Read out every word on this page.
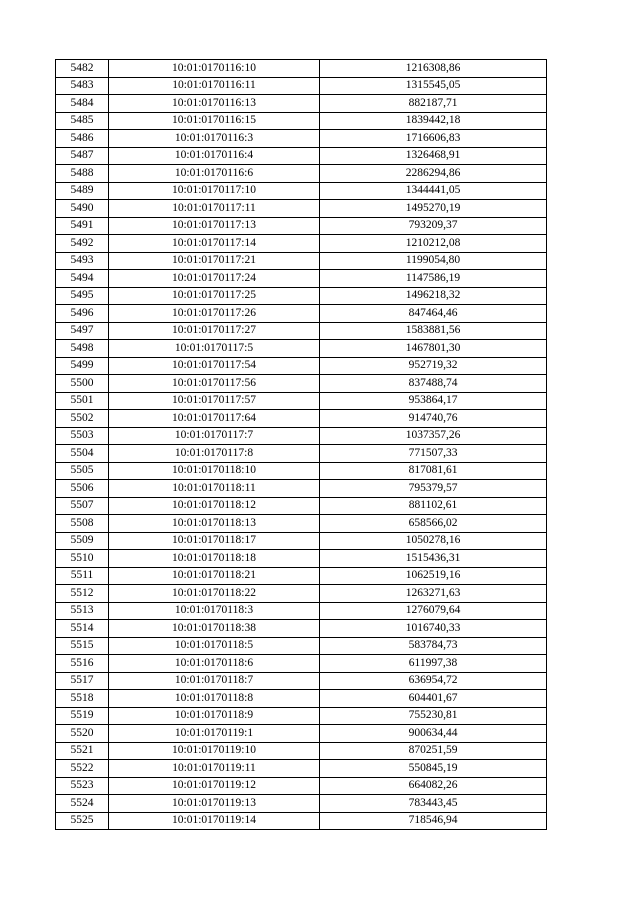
5482	10:01:0170116:10	1216308,86
5483	10:01:0170116:11	1315545,05
5484	10:01:0170116:13	882187,71
5485	10:01:0170116:15	1839442,18
5486	10:01:0170116:3	1716606,83
5487	10:01:0170116:4	1326468,91
5488	10:01:0170116:6	2286294,86
5489	10:01:0170117:10	1344441,05
5490	10:01:0170117:11	1495270,19
5491	10:01:0170117:13	793209,37
5492	10:01:0170117:14	1210212,08
5493	10:01:0170117:21	1199054,80
5494	10:01:0170117:24	1147586,19
5495	10:01:0170117:25	1496218,32
5496	10:01:0170117:26	847464,46
5497	10:01:0170117:27	1583881,56
5498	10:01:0170117:5	1467801,30
5499	10:01:0170117:54	952719,32
5500	10:01:0170117:56	837488,74
5501	10:01:0170117:57	953864,17
5502	10:01:0170117:64	914740,76
5503	10:01:0170117:7	1037357,26
5504	10:01:0170117:8	771507,33
5505	10:01:0170118:10	817081,61
5506	10:01:0170118:11	795379,57
5507	10:01:0170118:12	881102,61
5508	10:01:0170118:13	658566,02
5509	10:01:0170118:17	1050278,16
5510	10:01:0170118:18	1515436,31
5511	10:01:0170118:21	1062519,16
5512	10:01:0170118:22	1263271,63
5513	10:01:0170118:3	1276079,64
5514	10:01:0170118:38	1016740,33
5515	10:01:0170118:5	583784,73
5516	10:01:0170118:6	611997,38
5517	10:01:0170118:7	636954,72
5518	10:01:0170118:8	604401,67
5519	10:01:0170118:9	755230,81
5520	10:01:0170119:1	900634,44
5521	10:01:0170119:10	870251,59
5522	10:01:0170119:11	550845,19
5523	10:01:0170119:12	664082,26
5524	10:01:0170119:13	783443,45
5525	10:01:0170119:14	718546,94
